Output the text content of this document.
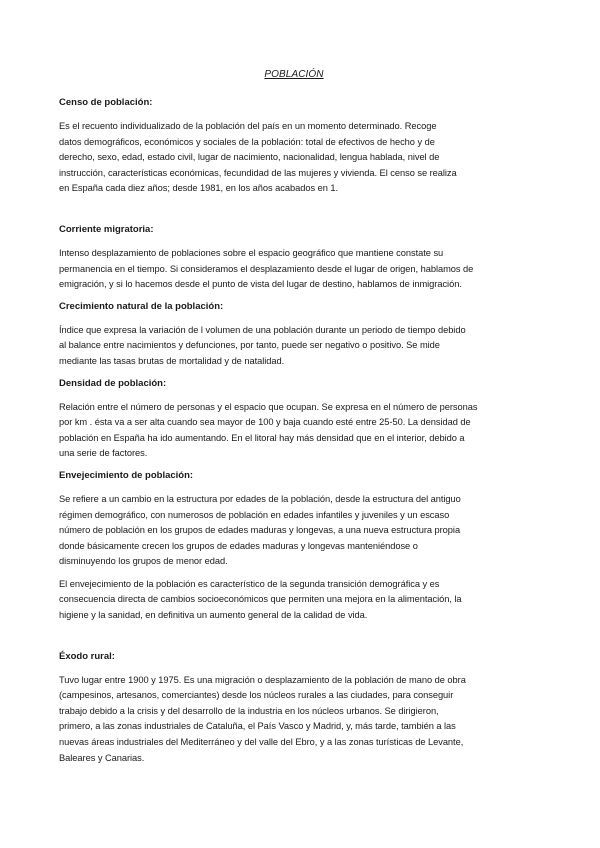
POBLACIÓN
Censo de población:
Es el recuento individualizado de la población del país en un momento determinado. Recoge
datos demográficos, económicos y sociales de la población: total de efectivos de hecho y de
derecho, sexo, edad, estado civil, lugar de nacimiento, nacionalidad, lengua hablada, nivel de
instrucción, características económicas, fecundidad de las mujeres y vivienda. El censo se realiza
en España cada diez años; desde 1981, en los años acabados en 1.
Corriente migratoria:
Intenso desplazamiento de poblaciones sobre el espacio geográfico que mantiene constate su
permanencia en el tiempo. Si consideramos el desplazamiento desde el lugar de origen, hablamos de
emigración, y si lo hacemos desde el punto de vista del lugar de destino, hablamos de inmigración.
Crecimiento natural de la población:
Índice que expresa la variación de l volumen de una población durante un periodo de tiempo debido
al balance entre nacimientos y defunciones, por tanto, puede ser negativo o positivo. Se mide
mediante las tasas brutas de mortalidad y de natalidad.
Densidad de población:
Relación entre el número de personas y el espacio que ocupan. Se expresa en el número de personas
por km . ésta va a ser alta cuando sea mayor de 100 y baja cuando esté entre 25-50. La densidad de
población en España ha ido aumentando. En el litoral hay más densidad que en el interior, debido a
una serie de factores.
Envejecimiento de población:
Se refiere a un cambio en la estructura por edades de la población, desde la estructura del antiguo
régimen demográfico, con numerosos de población en edades infantiles y juveniles y un escaso
número de población en los grupos de edades maduras y longevas, a una nueva estructura propia
donde básicamente crecen los grupos de edades maduras y longevas manteniéndose o
disminuyendo los grupos de menor edad.
El envejecimiento de la población es característico de la segunda transición demográfica y es
consecuencia directa de cambios socioeconómicos que permiten una mejora en la alimentación, la
higiene y la sanidad, en definitiva un aumento general de la calidad de vida.
Éxodo rural:
Tuvo lugar entre 1900 y 1975. Es una migración o desplazamiento de la población de mano de obra
(campesinos, artesanos, comerciantes) desde los núcleos rurales a las ciudades, para conseguir
trabajo debido a la crisis y del desarrollo de la industria en los núcleos urbanos. Se dirigieron,
primero, a las zonas industriales de Cataluña, el País Vasco y Madrid, y, más tarde, también a las
nuevas áreas industriales del Mediterráneo y del valle del Ebro, y a las zonas turísticas de Levante,
Baleares y Canarias.
